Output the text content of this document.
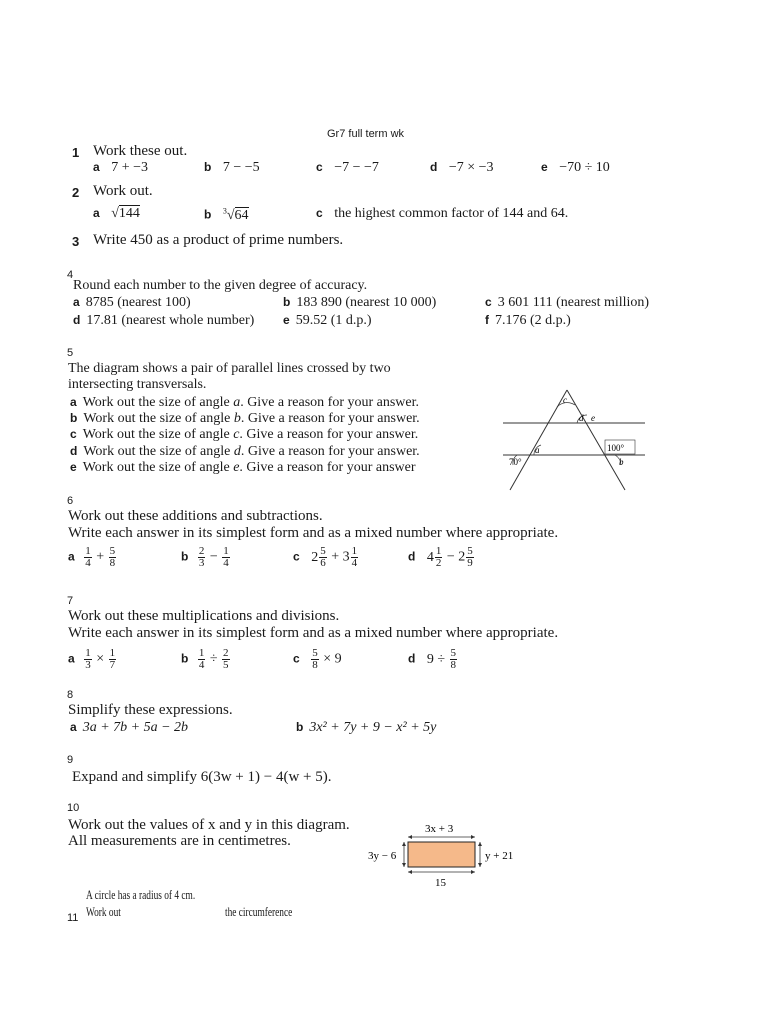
Gr7 full term wk
1 Work these out.
a 7 + −3	b 7 − −5	c −7 − −7	d −7 × −3	e −70 ÷ 10
2 Work out.
a √144	b $^3$√64	c the highest common factor of 144 and 64.
3 Write 450 as a product of prime numbers.
4
Round each number to the given degree of accuracy.
a 8785 (nearest 100)	b 183 890 (nearest 10 000)	c 3 601 111 (nearest million)
d 17.81 (nearest whole number) e 59.52 (1 d.p.)	f 7.176 (2 d.p.)
5
The diagram shows a pair of parallel lines crossed by two
intersecting transversals.
a Work out the size of angle a. Give a reason for your answer.
b Work out the size of angle b. Give a reason for your answer.
c Work out the size of angle c. Give a reason for your answer.
d Work out the size of angle d. Give a reason for your answer.
e Work out the size of angle e. Give a reason for your answer
100°
70°
c
d e
a
b
6
Work out these additions and subtractions.
Write each answer in its simplest form and as a mixed number where appropriate.
a $\frac{1}{4} + \frac{5}{8}$	b $\frac{2}{3} - \frac{1}{4}$	c $2 \frac{5}{6} + 3 \frac{1}{4}$	d $4 \frac{1}{2} - 2 \frac{5}{9}$
7
Work out these multiplications and divisions.
Write each answer in its simplest form and as a mixed number where appropriate.
a $\frac{1}{3} \times \frac{1}{7}$	b $\frac{1}{4} \div \frac{2}{5}$	c $\frac{5}{8} \times 9$	d $9 \div \frac{5}{8}$
8
Simplify these expressions.
a 3a + 7b + 5a − 2b	b 3x² + 7y + 9 − x² + 5y
9
Expand and simplify 6(3w + 1) − 4(w + 5).
10
Work out the values of x and y in this diagram.
All measurements are in centimetres.
3x + 3
3y − 6	y + 21
15
A circle has a radius of 4 cm.
11 Work out	the circumference
